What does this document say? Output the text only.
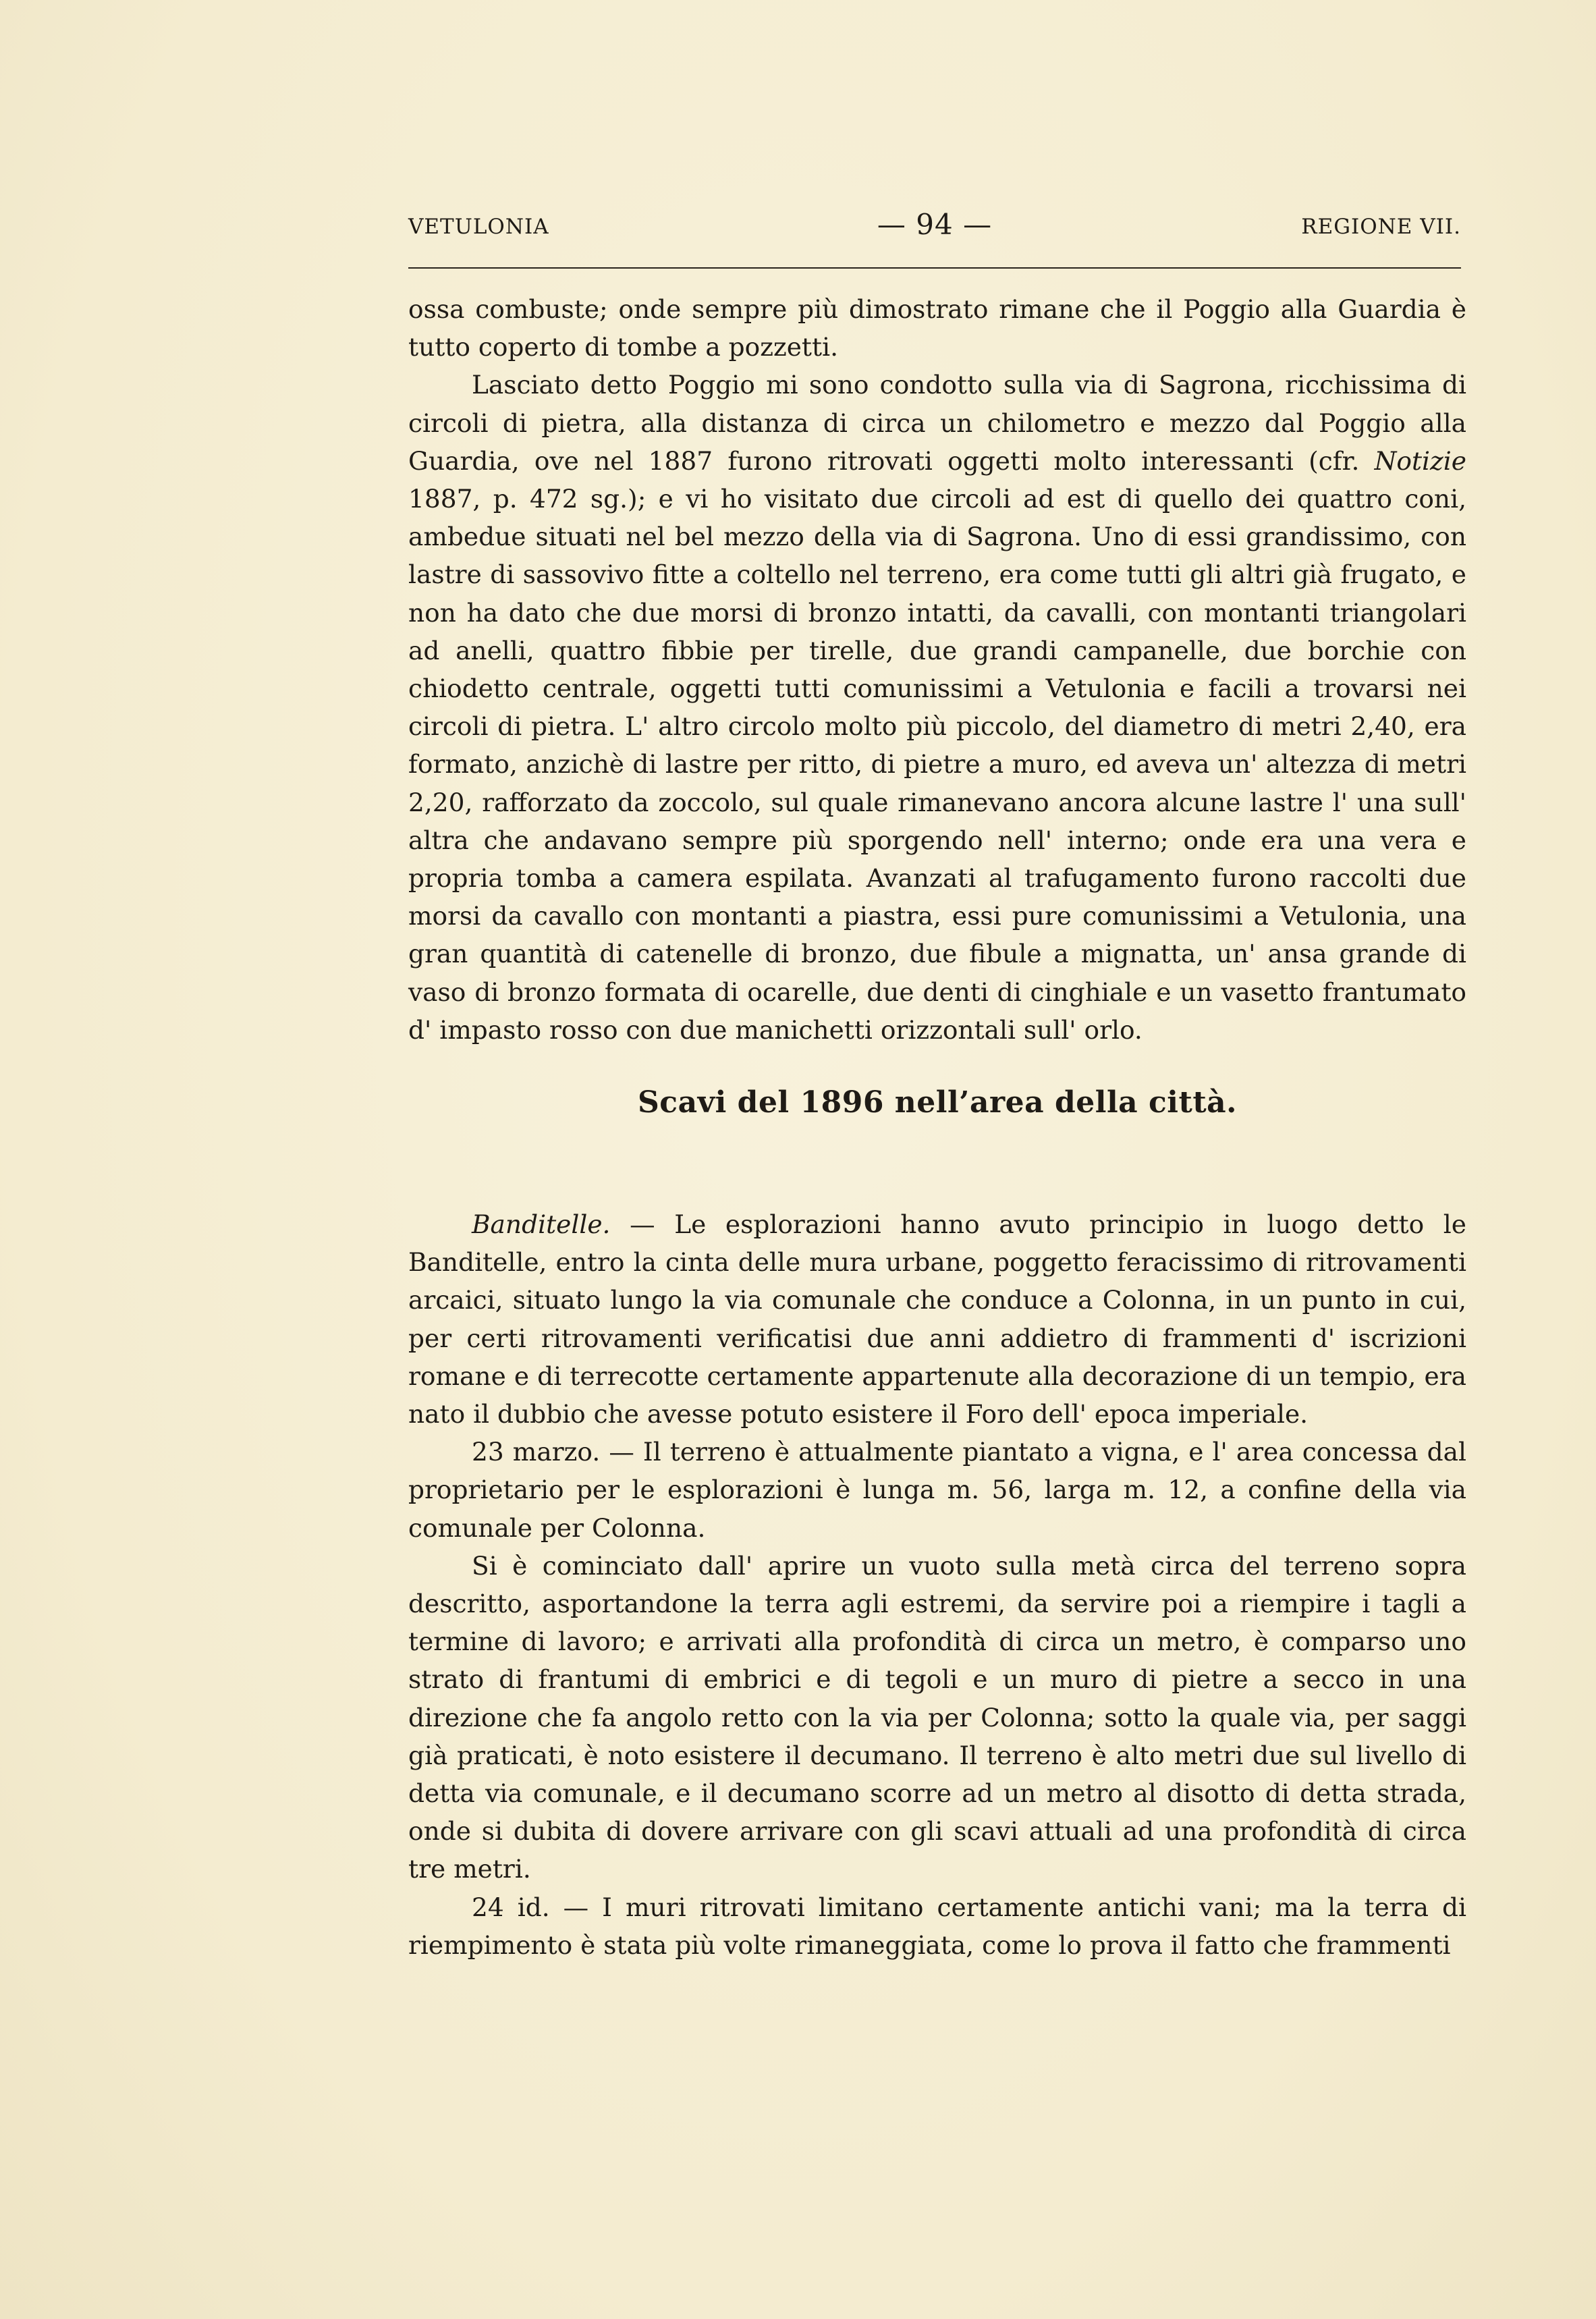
VETULONIA	— 94 —	REGIONE VII.

ossa combuste; onde sempre più dimostrato rimane che il Poggio alla Guardia è tutto coperto di tombe a pozzetti.

Lasciato detto Poggio mi sono condotto sulla via di Sagrona, ricchissima di circoli di pietra, alla distanza di circa un chilometro e mezzo dal Poggio alla Guardia, ove nel 1887 furono ritrovati oggetti molto interessanti (cfr. Notizie 1887, p. 472 sg.); e vi ho visitato due circoli ad est di quello dei quattro coni, ambedue situati nel bel mezzo della via di Sagrona. Uno di essi grandissimo, con lastre di sassovivo fitte a coltello nel terreno, era come tutti gli altri già frugato, e non ha dato che due morsi di bronzo intatti, da cavalli, con montanti triangolari ad anelli, quattro fibbie per tirelle, due grandi campanelle, due borchie con chiodetto centrale, oggetti tutti comunissimi a Vetulonia e facili a trovarsi nei circoli di pietra. L' altro circolo molto più piccolo, del diametro di metri 2,40, era formato, anzichè di lastre per ritto, di pietre a muro, ed aveva un' altezza di metri 2,20, rafforzato da zoccolo, sul quale rimanevano ancora alcune lastre l' una sull' altra che andavano sempre più sporgendo nell' interno; onde era una vera e propria tomba a camera espilata. Avanzati al trafugamento furono raccolti due morsi da cavallo con montanti a piastra, essi pure comunissimi a Vetulonia, una gran quantità di catenelle di bronzo, due fibule a mignatta, un' ansa grande di vaso di bronzo formata di ocarelle, due denti di cinghiale e un vasetto frantumato d' impasto rosso con due manichetti orizzontali sull' orlo.

Scavi del 1896 nell’area della città.

Banditelle. — Le esplorazioni hanno avuto principio in luogo detto le Banditelle, entro la cinta delle mura urbane, poggetto feracissimo di ritrovamenti arcaici, situato lungo la via comunale che conduce a Colonna, in un punto in cui, per certi ritrovamenti verificatisi due anni addietro di frammenti d' iscrizioni romane e di terrecotte certamente appartenute alla decorazione di un tempio, era nato il dubbio che avesse potuto esistere il Foro dell' epoca imperiale.

23 marzo. — Il terreno è attualmente piantato a vigna, e l' area concessa dal proprietario per le esplorazioni è lunga m. 56, larga m. 12, a confine della via comunale per Colonna.

Si è cominciato dall' aprire un vuoto sulla metà circa del terreno sopra descritto, asportandone la terra agli estremi, da servire poi a riempire i tagli a termine di lavoro; e arrivati alla profondità di circa un metro, è comparso uno strato di frantumi di embrici e di tegoli e un muro di pietre a secco in una direzione che fa angolo retto con la via per Colonna; sotto la quale via, per saggi già praticati, è noto esistere il decumano. Il terreno è alto metri due sul livello di detta via comunale, e il decumano scorre ad un metro al disotto di detta strada, onde si dubita di dovere arrivare con gli scavi attuali ad una profondità di circa tre metri.

24 id. — I muri ritrovati limitano certamente antichi vani; ma la terra di riempimento è stata più volte rimaneggiata, come lo prova il fatto che frammenti
